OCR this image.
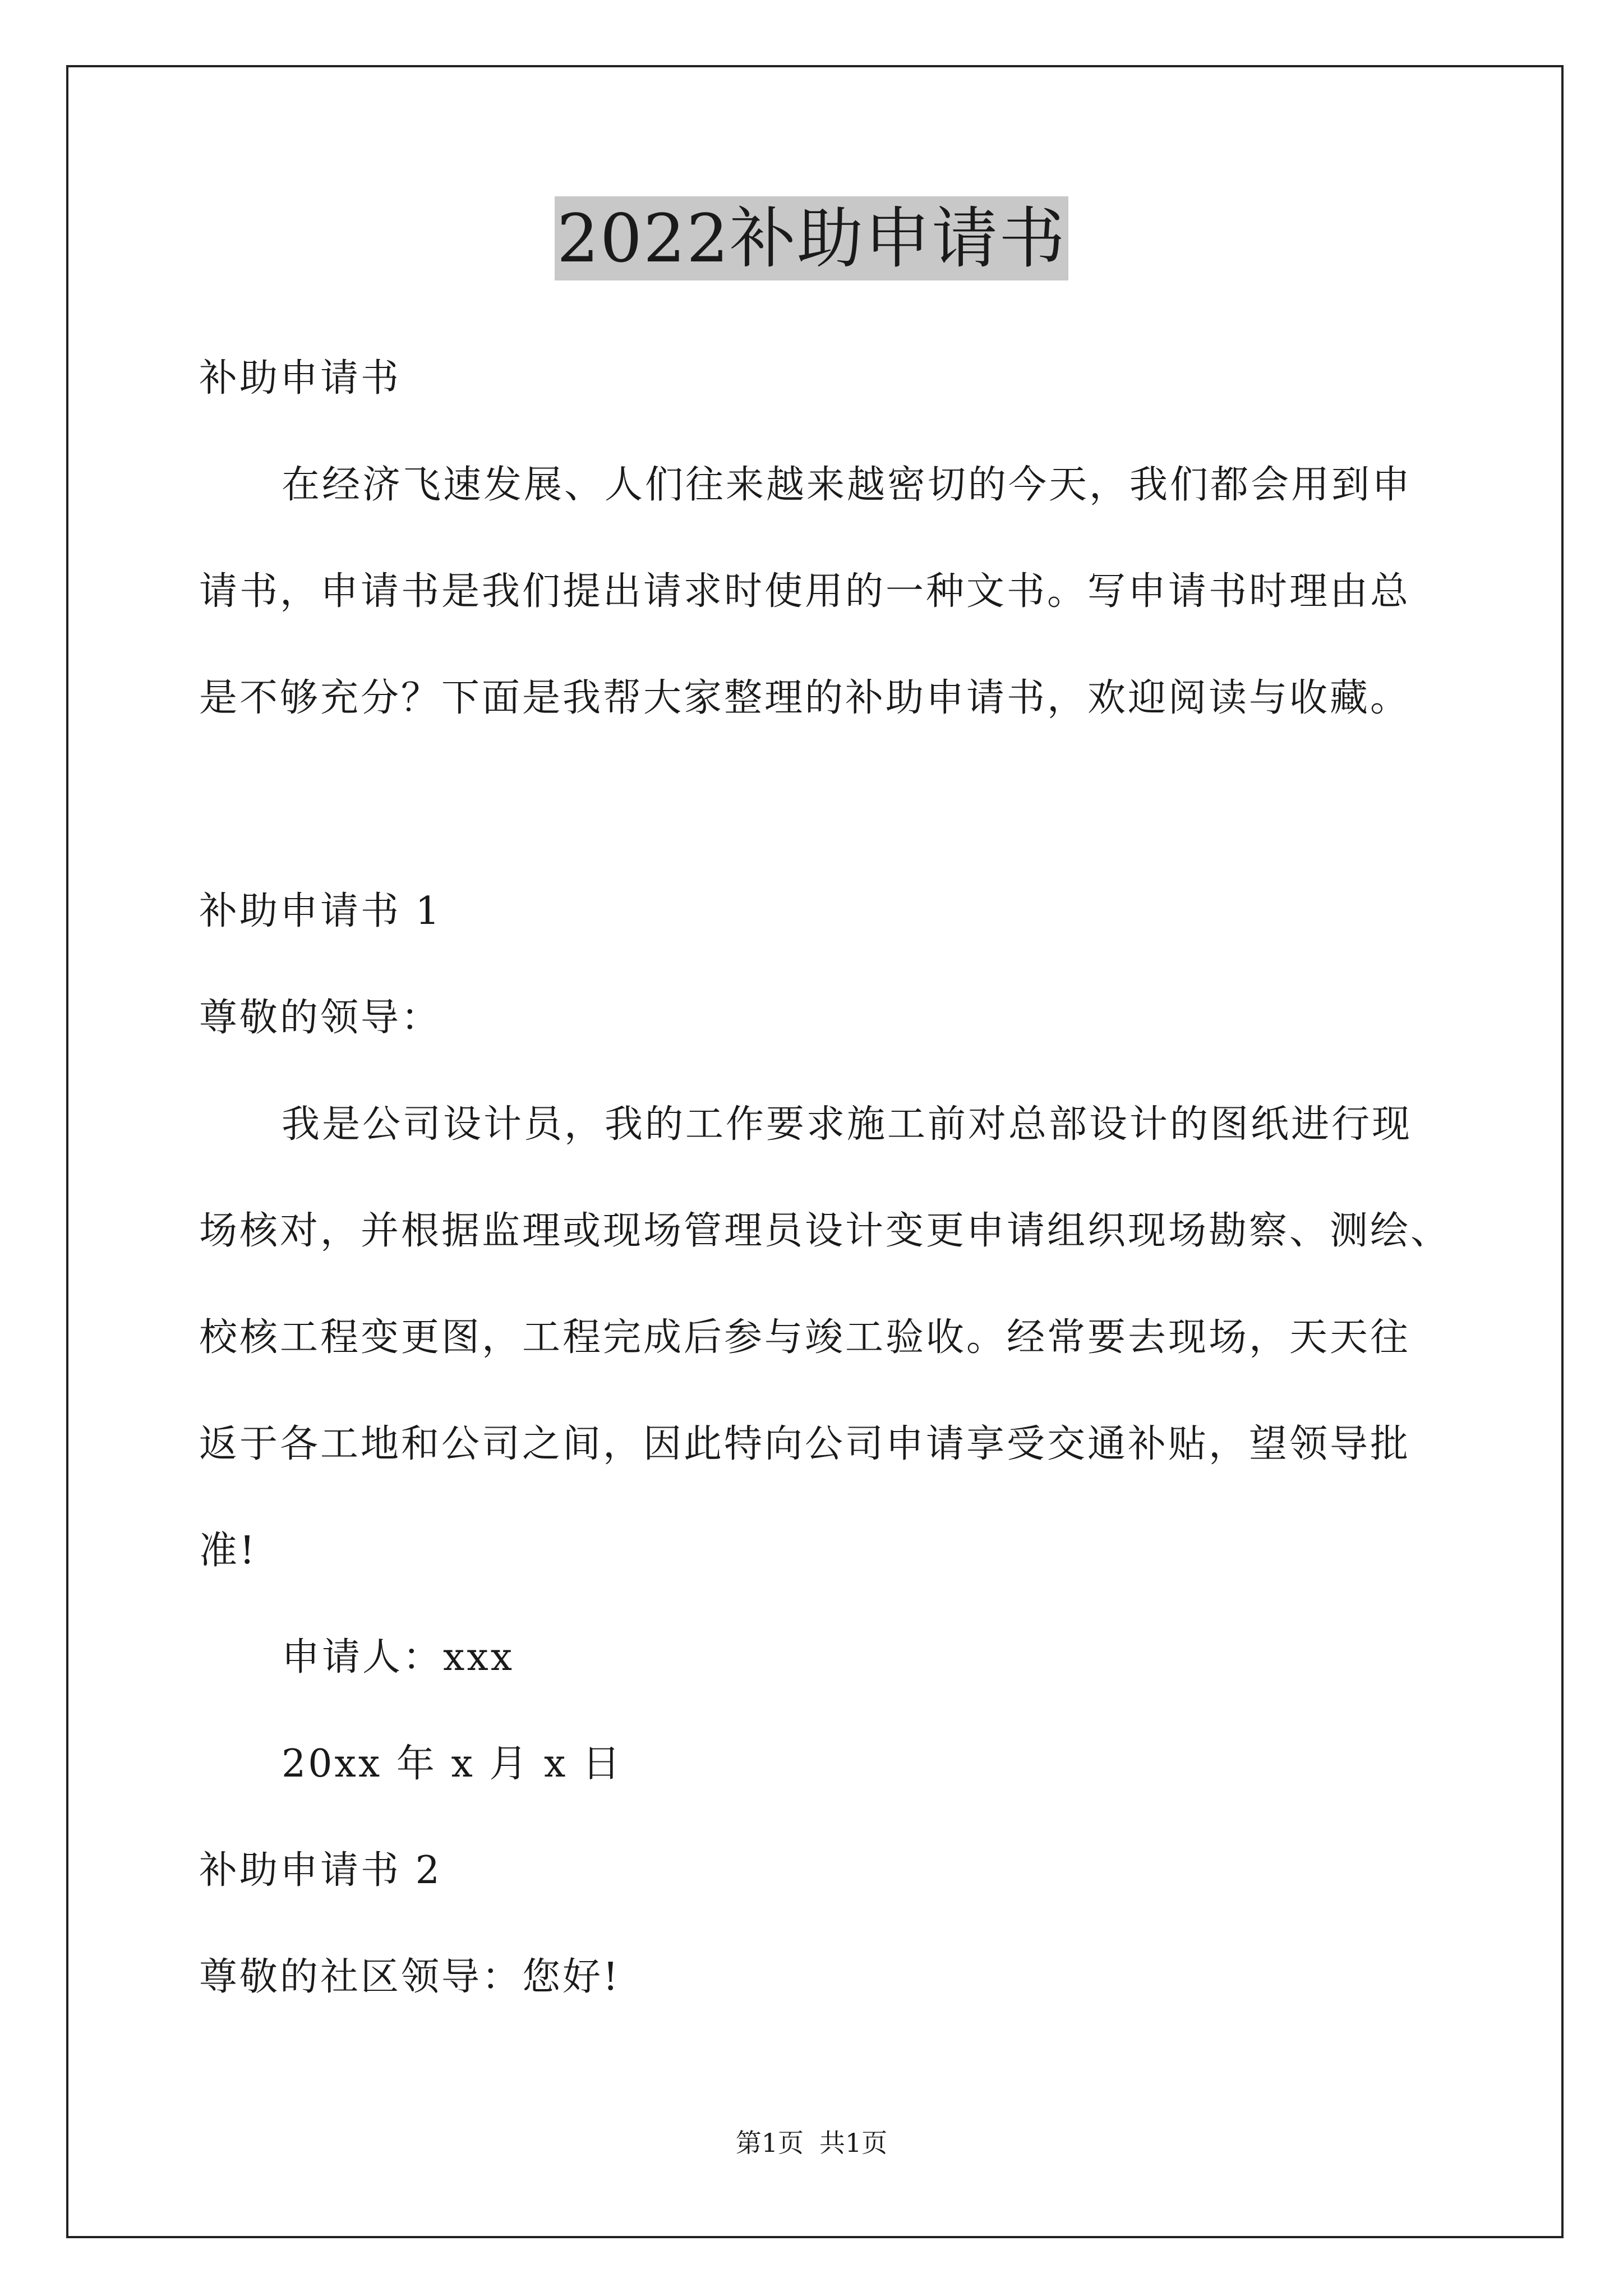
2022补助申请书
补助申请书
在经济飞速发展、人们往来越来越密切的今天，我们都会用到申
请书，申请书是我们提出请求时使用的一种文书。写申请书时理由总
是不够充分？下面是我帮大家整理的补助申请书，欢迎阅读与收藏。
补助申请书 1
尊敬的领导：
我是公司设计员，我的工作要求施工前对总部设计的图纸进行现
场核对，并根据监理或现场管理员设计变更申请组织现场勘察、测绘、
校核工程变更图，工程完成后参与竣工验收。经常要去现场，天天往
返于各工地和公司之间，因此特向公司申请享受交通补贴，望领导批
准!
申请人：xxx
20xx 年 x 月 x 日
补助申请书 2
尊敬的社区领导：您好!
第1页 共1页
